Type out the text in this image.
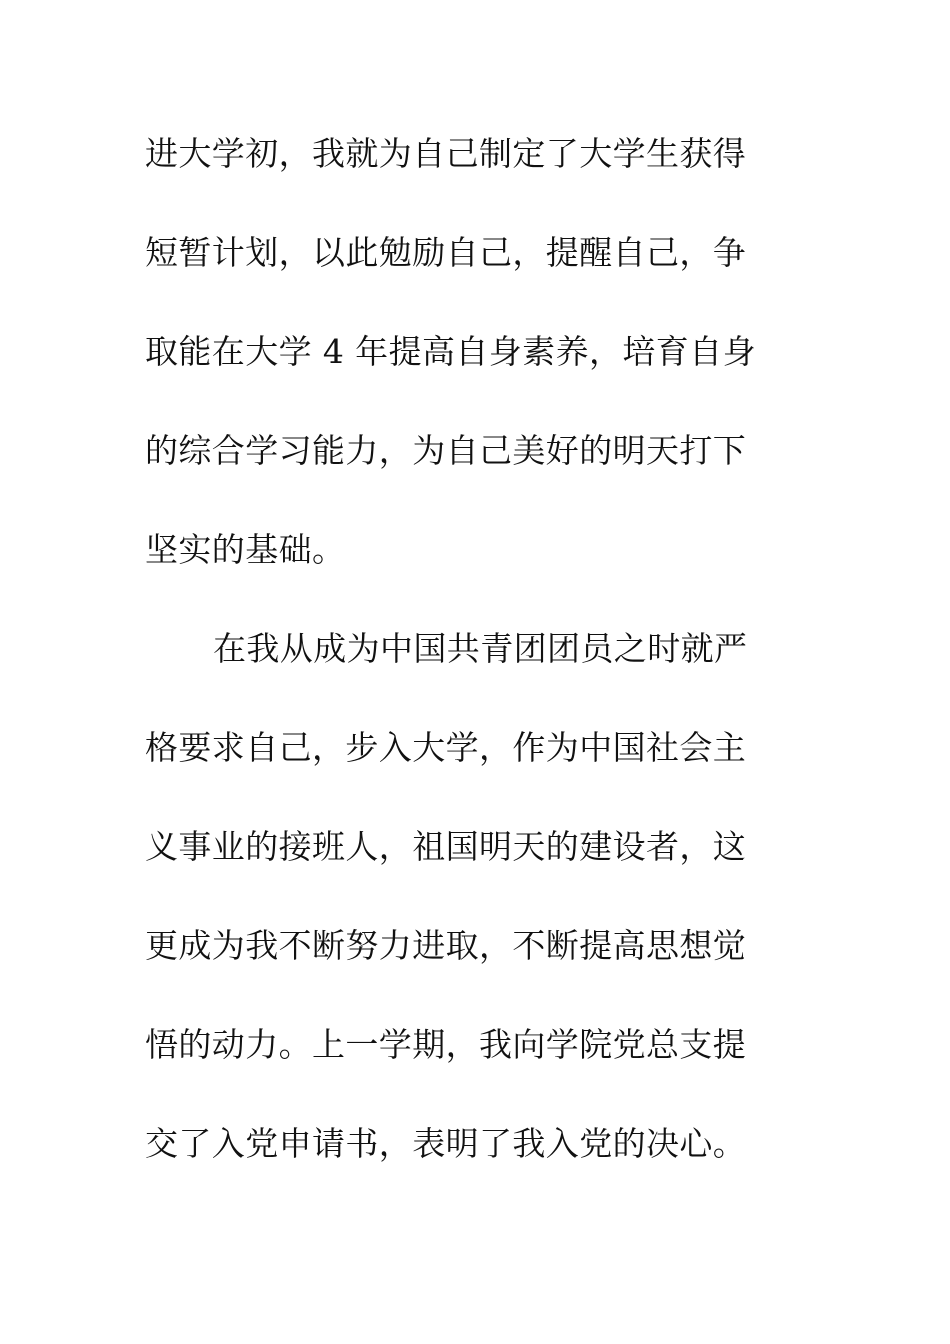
进大学初，我就为自己制定了大学生获得
短暂计划，以此勉励自己，提醒自己，争
取能在大学 4 年提高自身素养，培育自身
的综合学习能力，为自己美好的明天打下
坚实的基础。
在我从成为中国共青团团员之时就严
格要求自己，步入大学，作为中国社会主
义事业的接班人，祖国明天的建设者，这
更成为我不断努力进取，不断提高思想觉
悟的动力。上一学期，我向学院党总支提
交了入党申请书，表明了我入党的决心。
